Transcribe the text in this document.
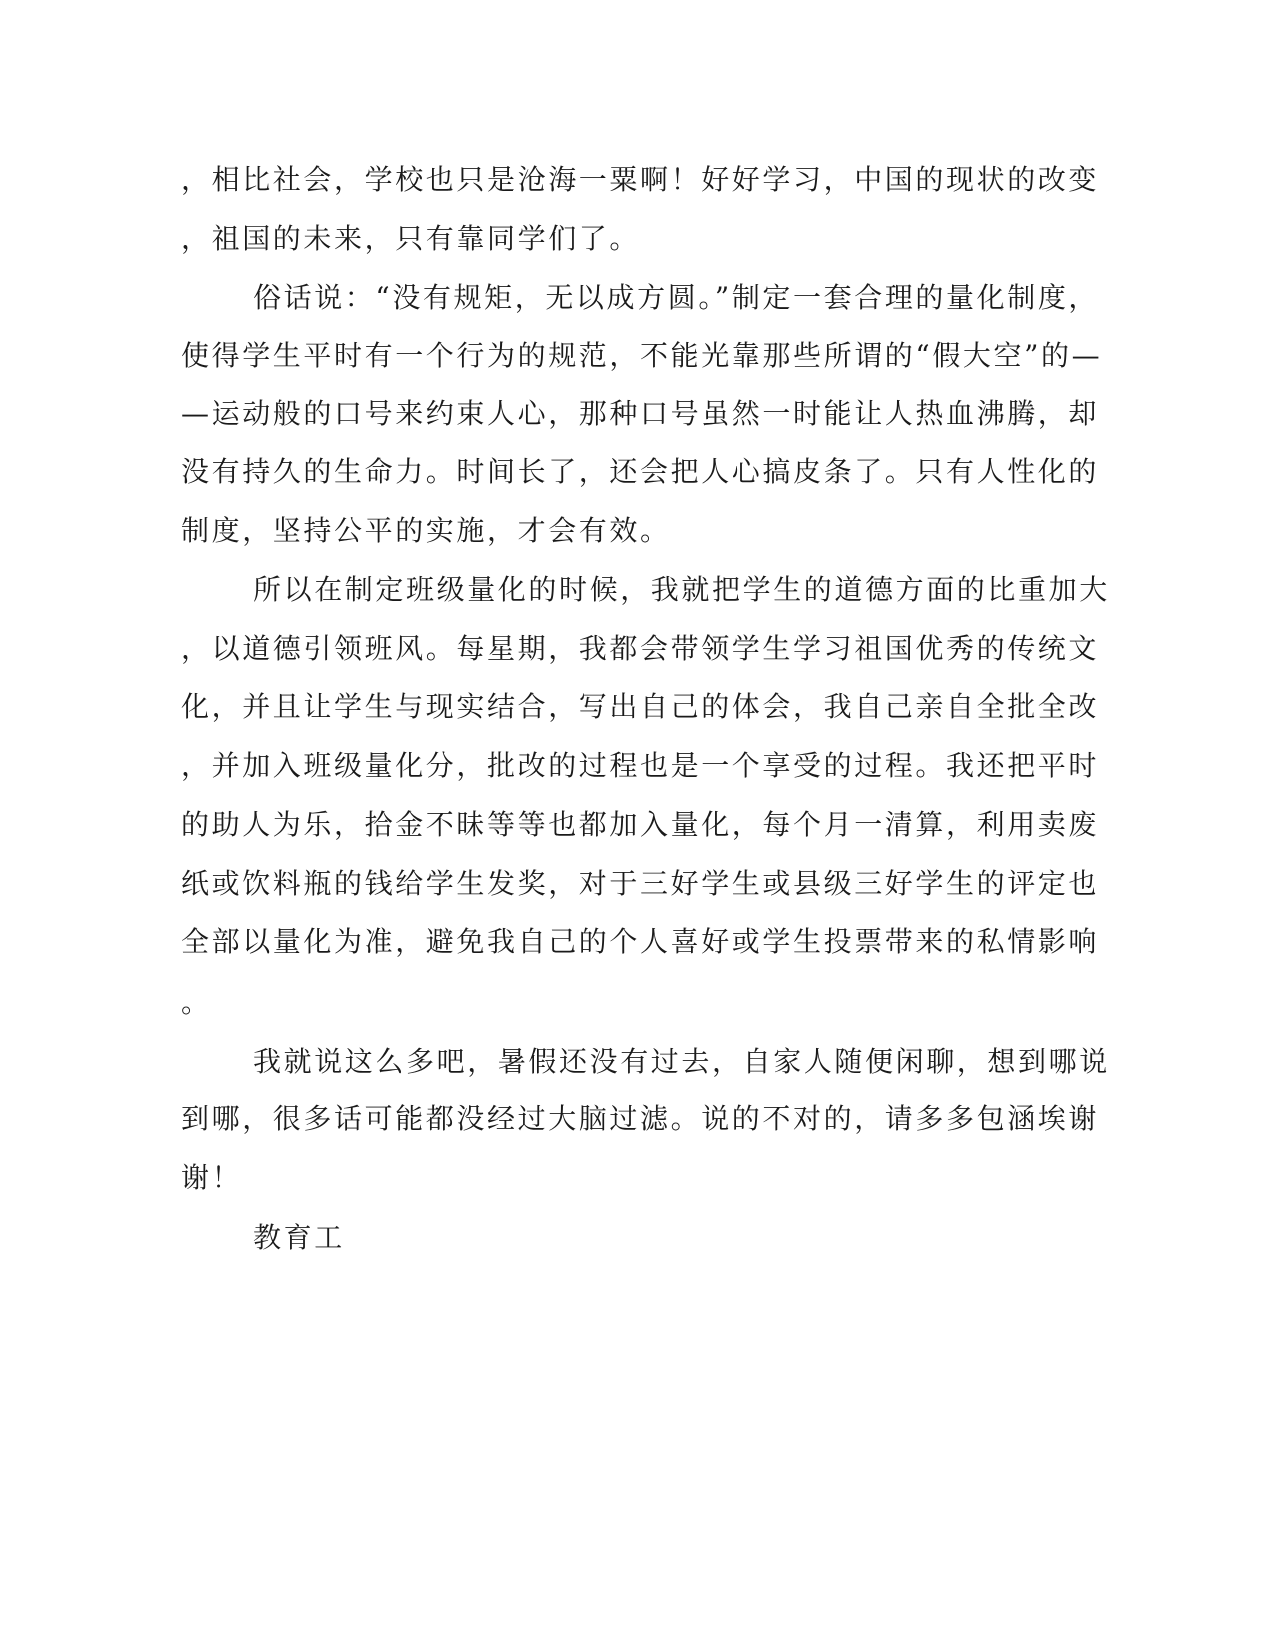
，相比社会，学校也只是沧海一粟啊！好好学习，中国的现状的改变
，祖国的未来，只有靠同学们了。
俗话说：“没有规矩，无以成方圆。”制定一套合理的量化制度，
使得学生平时有一个行为的规范，不能光靠那些所谓的“假大空”的—
—运动般的口号来约束人心，那种口号虽然一时能让人热血沸腾，却
没有持久的生命力。时间长了，还会把人心搞皮条了。只有人性化的
制度，坚持公平的实施，才会有效。
所以在制定班级量化的时候，我就把学生的道德方面的比重加大
，以道德引领班风。每星期，我都会带领学生学习祖国优秀的传统文
化，并且让学生与现实结合，写出自己的体会，我自己亲自全批全改
，并加入班级量化分，批改的过程也是一个享受的过程。我还把平时
的助人为乐，拾金不昧等等也都加入量化，每个月一清算，利用卖废
纸或饮料瓶的钱给学生发奖，对于三好学生或县级三好学生的评定也
全部以量化为准，避免我自己的个人喜好或学生投票带来的私情影响
。
我就说这么多吧，暑假还没有过去，自家人随便闲聊，想到哪说
到哪，很多话可能都没经过大脑过滤。说的不对的，请多多包涵埃谢
谢！
教育工
